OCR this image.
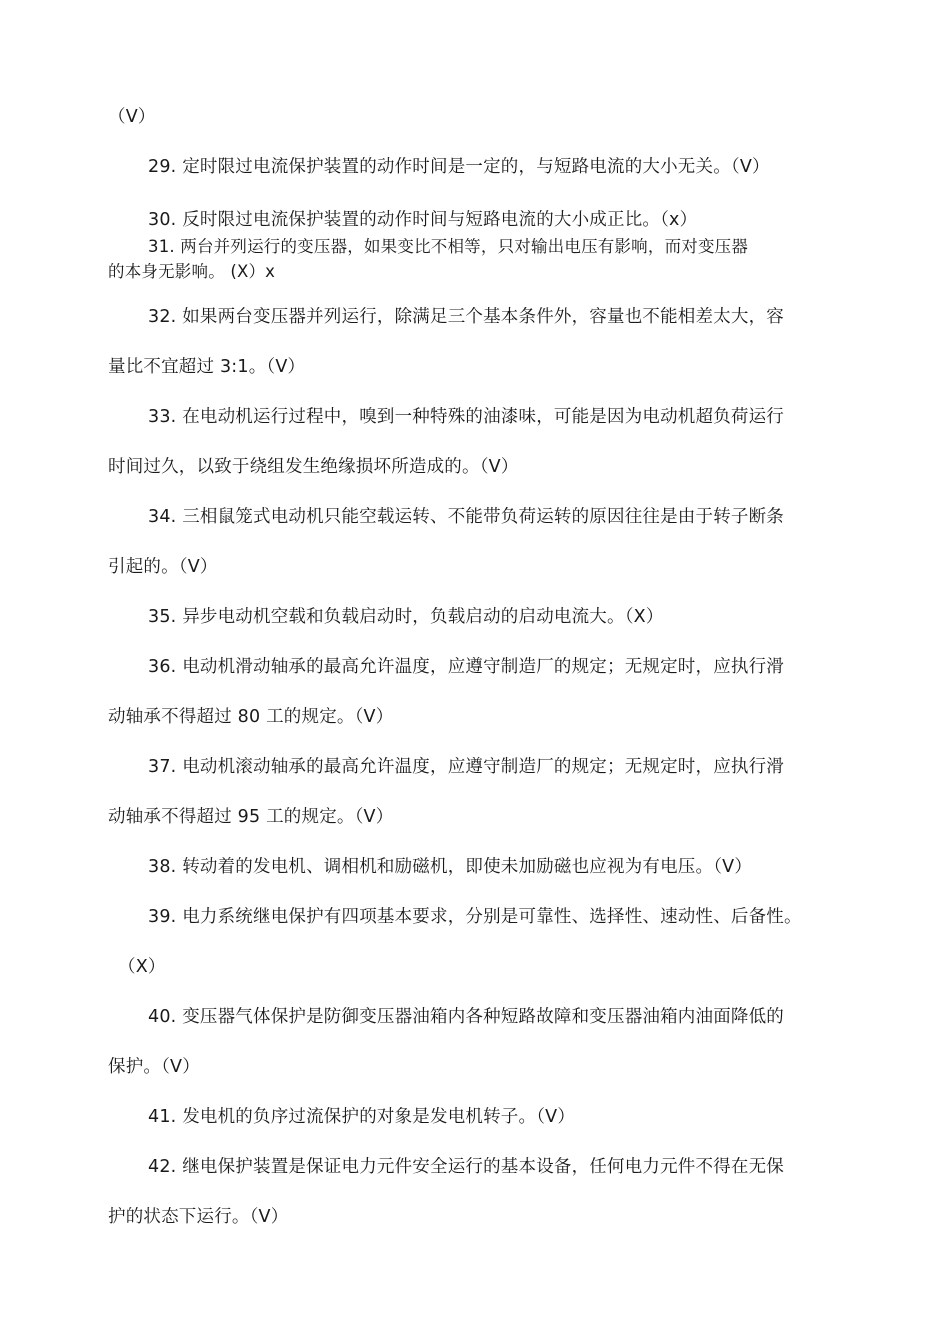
（V）
29. 定时限过电流保护装置的动作时间是一定的，与短路电流的大小无关。（V）
30. 反时限过电流保护装置的动作时间与短路电流的大小成正比。（x）
31. 两台并列运行的变压器，如果变比不相等，只对输出电压有影响，而对变压器
的本身无影响。 (X）x
32. 如果两台变压器并列运行，除满足三个基本条件外，容量也不能相差太大，容
量比不宜超过 3:1。（V）
33. 在电动机运行过程中，嗅到一种特殊的油漆味，可能是因为电动机超负荷运行
时间过久，以致于绕组发生绝缘损坏所造成的。（V）
34. 三相鼠笼式电动机只能空载运转、不能带负荷运转的原因往往是由于转子断条
引起的。（V）
35. 异步电动机空载和负载启动时，负载启动的启动电流大。（X）
36. 电动机滑动轴承的最高允许温度，应遵守制造厂的规定；无规定时，应执行滑
动轴承不得超过 80 工的规定。（V）
37. 电动机滚动轴承的最高允许温度，应遵守制造厂的规定；无规定时，应执行滑
动轴承不得超过 95 工的规定。（V）
38. 转动着的发电机、调相机和励磁机，即使未加励磁也应视为有电压。（V）
39. 电力系统继电保护有四项基本要求，分别是可靠性、选择性、速动性、后备性。
（X）
40. 变压器气体保护是防御变压器油箱内各种短路故障和变压器油箱内油面降低的
保护。（V）
41. 发电机的负序过流保护的对象是发电机转子。（V）
42. 继电保护装置是保证电力元件安全运行的基本设备，任何电力元件不得在无保
护的状态下运行。（V）
